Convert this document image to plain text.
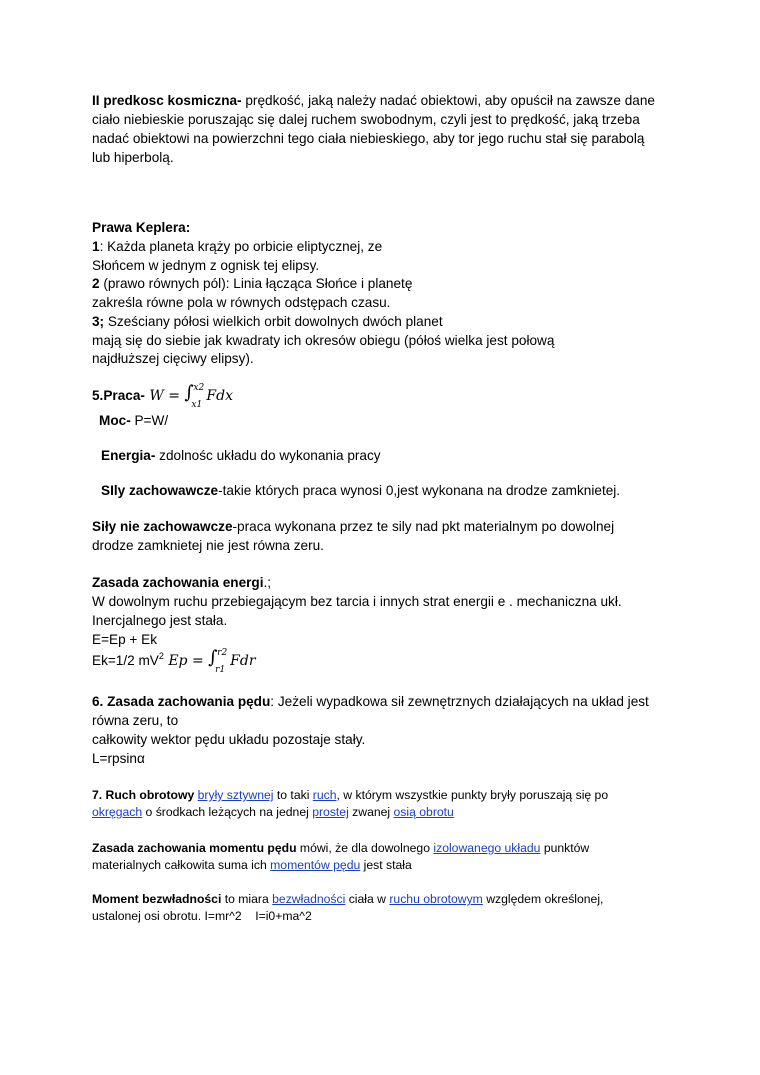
II predkosc kosmiczna- prędkość, jaką należy nadać obiektowi, aby opuścił na zawsze dane
ciało niebieskie poruszając się dalej ruchem swobodnym, czyli jest to prędkość, jaką trzeba
nadać obiektowi na powierzchni tego ciała niebieskiego, aby tor jego ruchu stał się parabolą
lub hiperbolą.
Prawa Keplera:
1: Każda planeta krąży po orbicie eliptycznej, ze
Słońcem w jednym z ognisk tej elipsy.
2 (prawo równych pól): Linia łącząca Słońce i planetę
zakreśla równe pola w równych odstępach czasu.
3; Sześciany półosi wielkich orbit dowolnych dwóch planet
mają się do siebie jak kwadraty ich okresów obiegu (półoś wielka jest połową
najdłuższej cięciwy elipsy).
5.Praca- W = ∫ x2
x1
Fdx
Moc- P=W/
Energia- zdolnośc układu do wykonania pracy
SIly zachowawcze-takie których praca wynosi 0,jest wykonana na drodze zamknietej.
Siły nie zachowawcze-praca wykonana przez te sily nad pkt materialnym po dowolnej
drodze zamknietej nie jest równa zeru.
Zasada zachowania energi.;
W dowolnym ruchu przebiegającym bez tarcia i innych strat energii e . mechaniczna ukł.
Inercjalnego jest stała.
E=Ep + Ek
Ek=1/2 $mV^2$ Ep = ∫ r2
r1
Fdr
6. Zasada zachowania pędu: Jeżeli wypadkowa sił zewnętrznych działających na układ jest
równa zeru, to
całkowity wektor pędu układu pozostaje stały.
L=rpsinα
7. Ruch obrotowy bryły sztywnej to taki ruch, w którym wszystkie punkty bryły poruszają się po
okręgach o środkach leżących na jednej prostej zwanej osią obrotu
Zasada zachowania momentu pędu mówi, że dla dowolnego izolowanego układu punktów
materialnych całkowita suma ich momentów pędu jest stała
Moment bezwładności to miara bezwładności ciała w ruchu obrotowym względem określonej,
ustalonej osi obrotu. I=mr^2    I=i0+ma^2
